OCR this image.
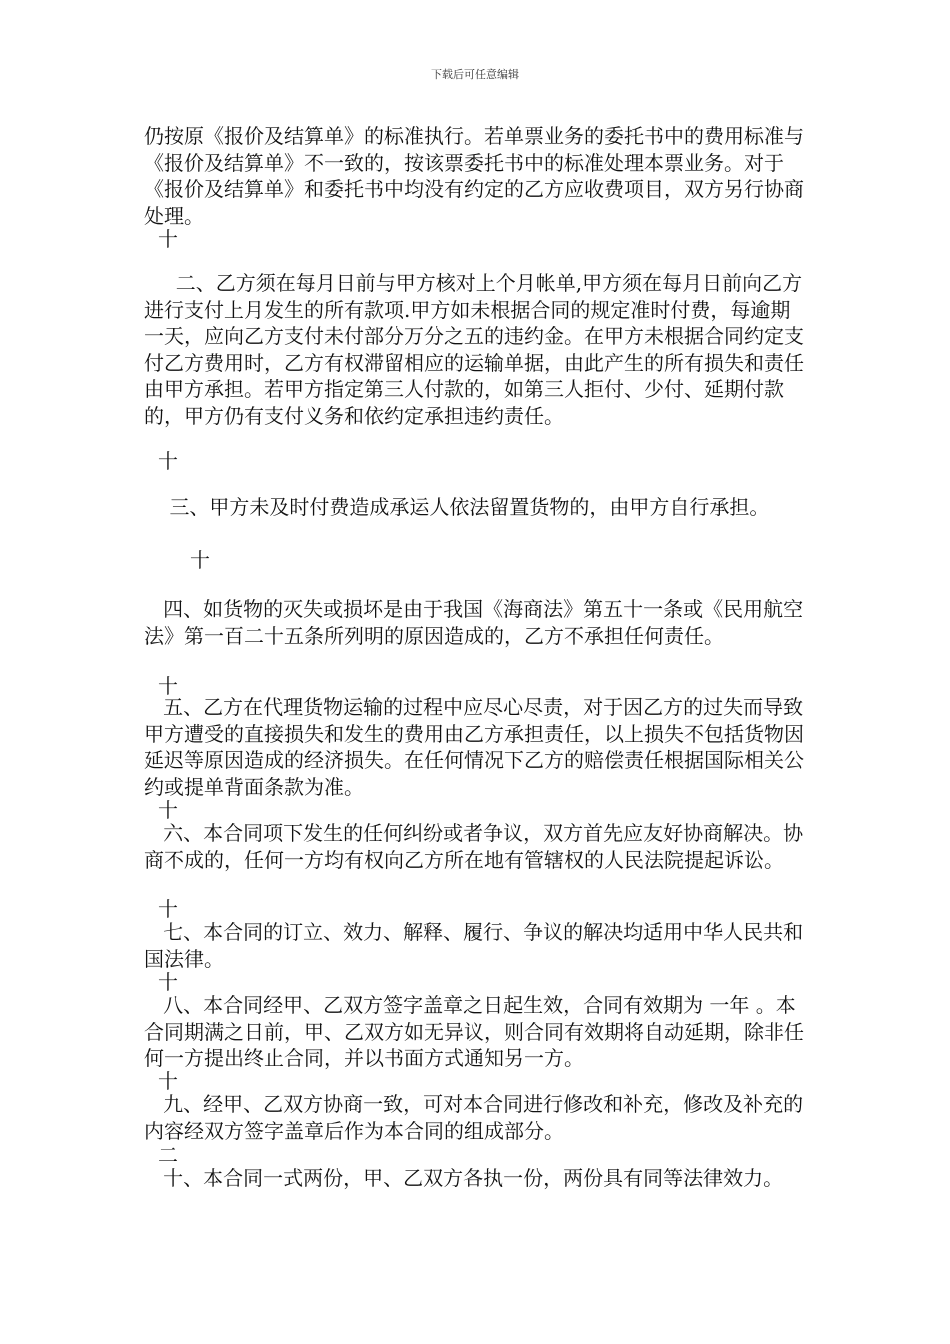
下载后可任意编辑

仍按原《报价及结算单》的标准执行。若单票业务的委托书中的费用标准与《报价及结算单》不一致的，按该票委托书中的标准处理本票业务。对于《报价及结算单》和委托书中均没有约定的乙方应收费项目，双方另行协商处理。

十

二、乙方须在每月日前与甲方核对上个月帐单,甲方须在每月日前向乙方进行支付上月发生的所有款项.甲方如未根据合同的规定准时付费，每逾期一天，应向乙方支付未付部分万分之五的违约金。在甲方未根据合同约定支付乙方费用时，乙方有权滞留相应的运输单据，由此产生的所有损失和责任由甲方承担。若甲方指定第三人付款的，如第三人拒付、少付、延期付款的，甲方仍有支付义务和依约定承担违约责任。

十

三、甲方未及时付费造成承运人依法留置货物的，由甲方自行承担。

十

四、如货物的灭失或损坏是由于我国《海商法》第五十一条或《民用航空法》第一百二十五条所列明的原因造成的，乙方不承担任何责任。

十

五、乙方在代理货物运输的过程中应尽心尽责，对于因乙方的过失而导致甲方遭受的直接损失和发生的费用由乙方承担责任，以上损失不包括货物因延迟等原因造成的经济损失。在任何情况下乙方的赔偿责任根据国际相关公约或提单背面条款为准。

十

六、本合同项下发生的任何纠纷或者争议，双方首先应友好协商解决。协商不成的，任何一方均有权向乙方所在地有管辖权的人民法院提起诉讼。

十

七、本合同的订立、效力、解释、履行、争议的解决均适用中华人民共和国法律。

十

八、本合同经甲、乙双方签字盖章之日起生效，合同有效期为 一年 。本合同期满之日前，甲、乙双方如无异议，则合同有效期将自动延期，除非任何一方提出终止合同，并以书面方式通知另一方。

十

九、经甲、乙双方协商一致，可对本合同进行修改和补充，修改及补充的内容经双方签字盖章后作为本合同的组成部分。

二

十、本合同一式两份，甲、乙双方各执一份，两份具有同等法律效力。
